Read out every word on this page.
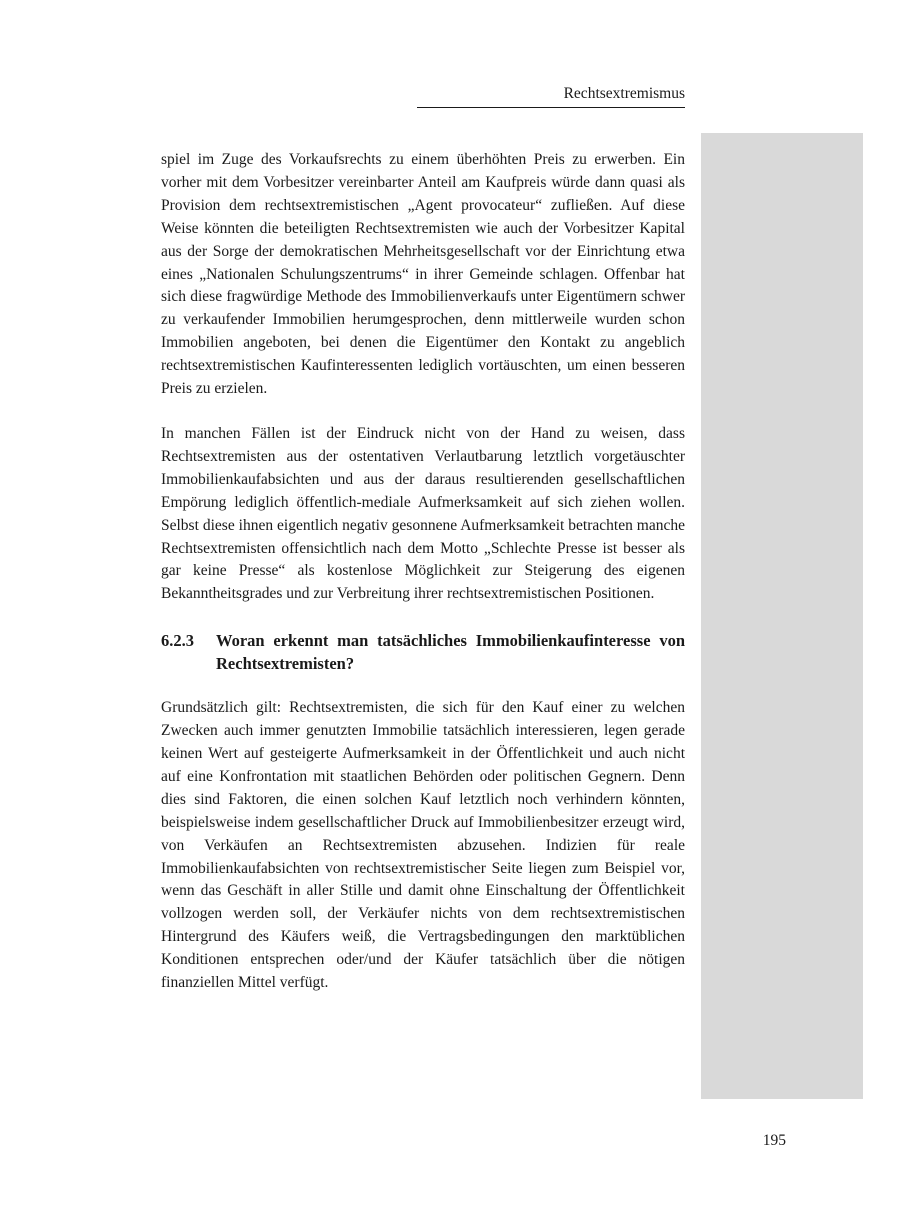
Rechtsextremismus

spiel im Zuge des Vorkaufsrechts zu einem überhöhten Preis zu erwerben. Ein vorher mit dem Vorbesitzer vereinbarter Anteil am Kaufpreis würde dann quasi als Provision dem rechtsextremistischen „Agent provocateur“ zufließen. Auf diese Weise könnten die beteiligten Rechtsextremisten wie auch der Vorbesitzer Kapital aus der Sorge der demokratischen Mehrheitsgesellschaft vor der Einrichtung etwa eines „Nationalen Schulungszentrums“ in ihrer Gemeinde schlagen. Offenbar hat sich diese fragwürdige Methode des Immobilienverkaufs unter Eigentümern schwer zu verkaufender Immobilien herumgesprochen, denn mittlerweile wurden schon Immobilien angeboten, bei denen die Eigentümer den Kontakt zu angeblich rechtsextremistischen Kaufinteressenten lediglich vortäuschten, um einen besseren Preis zu erzielen.

In manchen Fällen ist der Eindruck nicht von der Hand zu weisen, dass Rechtsextremisten aus der ostentativen Verlautbarung letztlich vorgetäuschter Immobilienkaufabsichten und aus der daraus resultierenden gesellschaftlichen Empörung lediglich öffentlich-mediale Aufmerksamkeit auf sich ziehen wollen. Selbst diese ihnen eigentlich negativ gesonnene Aufmerksamkeit betrachten manche Rechtsextremisten offensichtlich nach dem Motto „Schlechte Presse ist besser als gar keine Presse“ als kostenlose Möglichkeit zur Steigerung des eigenen Bekanntheitsgrades und zur Verbreitung ihrer rechtsextremistischen Positionen.

6.2.3	Woran erkennt man tatsächliches Immobilienkaufinteresse von Rechtsextremisten?

Grundsätzlich gilt: Rechtsextremisten, die sich für den Kauf einer zu welchen Zwecken auch immer genutzten Immobilie tatsächlich interessieren, legen gerade keinen Wert auf gesteigerte Aufmerksamkeit in der Öffentlichkeit und auch nicht auf eine Konfrontation mit staatlichen Behörden oder politischen Gegnern. Denn dies sind Faktoren, die einen solchen Kauf letztlich noch verhindern könnten, beispielsweise indem gesellschaftlicher Druck auf Immobilienbesitzer erzeugt wird, von Verkäufen an Rechtsextremisten abzusehen. Indizien für reale Immobilienkaufabsichten von rechtsextremistischer Seite liegen zum Beispiel vor, wenn das Geschäft in aller Stille und damit ohne Einschaltung der Öffentlichkeit vollzogen werden soll, der Verkäufer nichts von dem rechtsextremistischen Hintergrund des Käufers weiß, die Vertragsbedingungen den marktüblichen Konditionen entsprechen oder/und der Käufer tatsächlich über die nötigen finanziellen Mittel verfügt.

195
